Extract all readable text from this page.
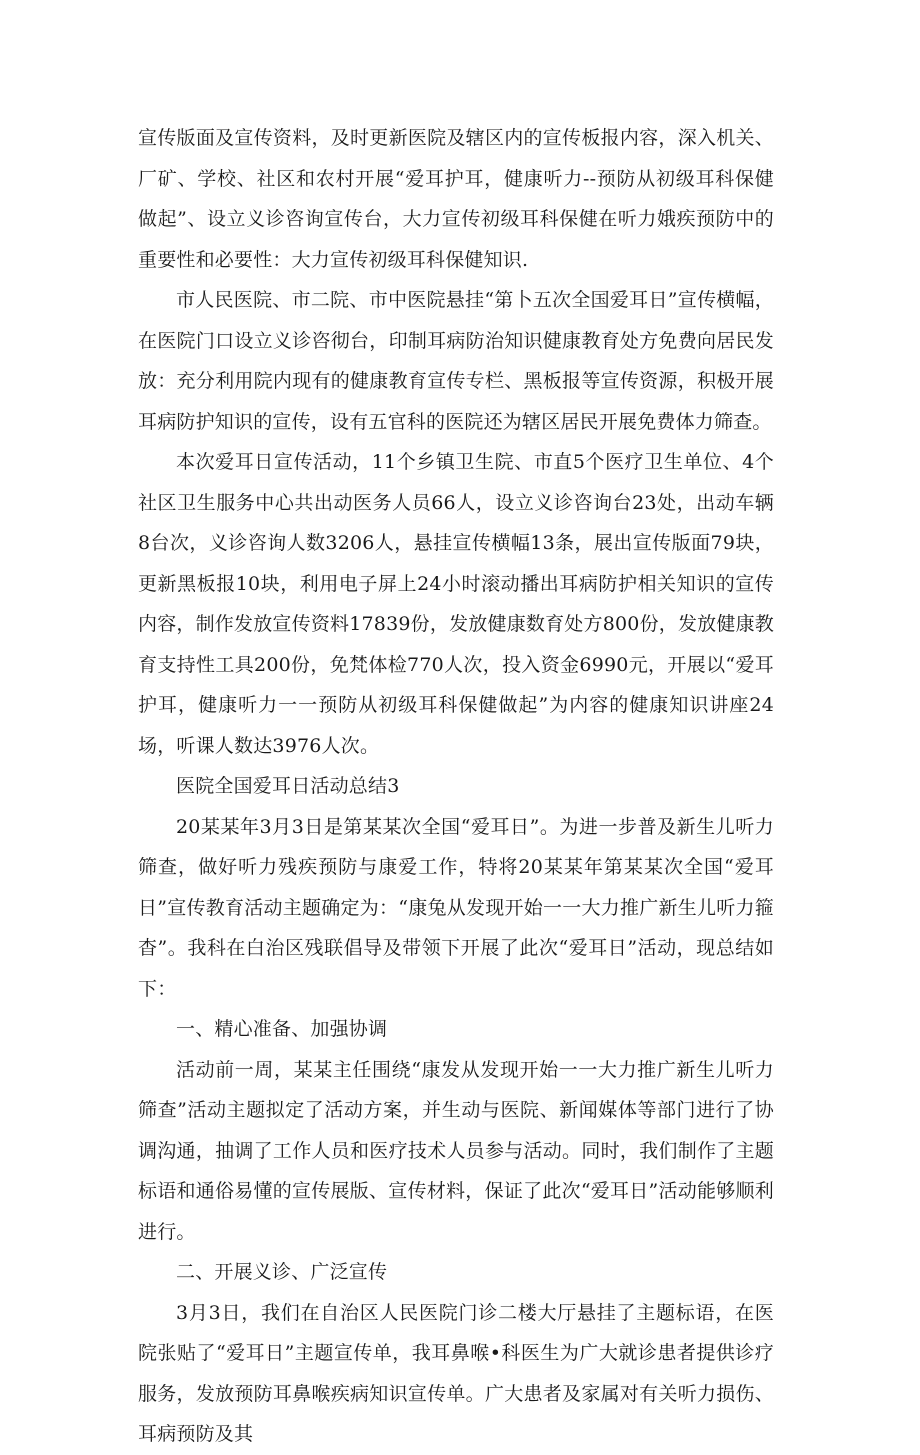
宣传版面及宣传资料，及时更新医院及辖区内的宣传板报内容，深入机关、厂矿、学校、社区和农村开展“爱耳护耳，健康听力--预防从初级耳科保健做起”、设立义诊咨询宣传台，大力宣传初级耳科保健在听力娥疾预防中的重要性和必要性：大力宣传初级耳科保健知识.

市人民医院、市二院、市中医院悬挂“第卜五次全国爱耳日”宣传横幅，在医院门口设立义诊咨彻台，印制耳病防治知识健康教育处方免费向居民发放：充分利用院内现有的健康教育宣传专栏、黑板报等宣传资源，积极开展耳病防护知识的宣传，设有五官科的医院还为辖区居民开展免费体力筛查。

本次爱耳日宣传活动，11个乡镇卫生院、市直5个医疗卫生单位、4个社区卫生服务中心共出动医务人员66人，设立义诊咨询台23处，出动车辆8台次，义诊咨询人数3206人，悬挂宣传横幅13条，展出宣传版面79块，更新黑板报10块，利用电子屏上24小时滚动播出耳病防护相关知识的宣传内容，制作发放宣传资料17839份，发放健康数育处方800份，发放健康教育支持性工具200份，免梵体检770人次，投入资金6990元，开展以“爱耳护耳，健康听力一一预防从初级耳科保健做起”为内容的健康知识讲座24场，听课人数达3976人次。

医院全国爱耳日活动总结3

20某某年3月3日是第某某次全国“爱耳日”。为进一步普及新生儿听力筛查，做好听力残疾预防与康爱工作，特将20某某年第某某次全国“爱耳日”宣传教育活动主题确定为：“康兔从发现开始一一大力推广新生儿听力箍杳”。我科在白治区残联倡导及带领下开展了此次“爱耳日”活动，现总结如下：

一、精心准备、加强协调

活动前一周，某某主任围绕“康发从发现开始一一大力推广新生儿听力筛查”活动主题拟定了活动方案，并生动与医院、新闻媒体等部门进行了协调沟通，抽调了工作人员和医疗技术人员参与活动。同时，我们制作了主题标语和通俗易懂的宣传展版、宣传材料，保证了此次“爱耳日”活动能够顺利进行。

二、开展义诊、广泛宣传

3月3日，我们在自治区人民医院门诊二楼大厅悬挂了主题标语，在医院张贴了“爱耳日”主题宣传单，我耳鼻喉•科医生为广大就诊患者提供诊疗服务，发放预防耳鼻喉疾病知识宣传单。广大患者及家属对有关听力损伤、耳病预防及其
